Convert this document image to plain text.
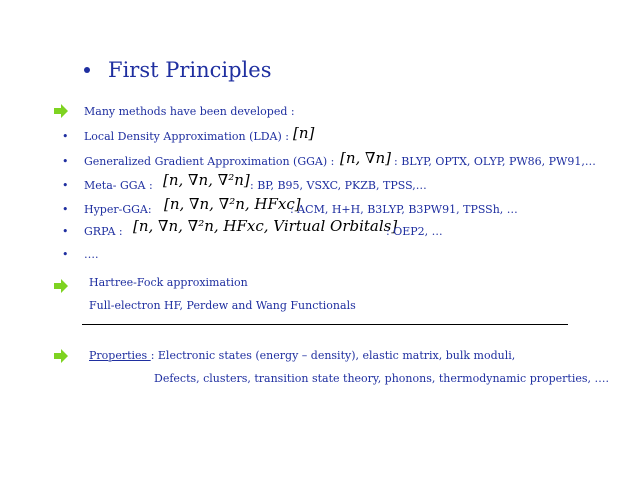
First Principles
Many methods have been developed :
• Local Density Approximation (LDA) : [n]
• Generalized Gradient Approximation (GGA) : [n, ∇n] : BLYP, OPTX, OLYP, PW86, PW91,…
• Meta- GGA : [n, ∇n, ∇²n] : BP, B95, VSXC, PKZB, TPSS,…
• Hyper-GGA: [n, ∇n, ∇²n, HFxc]
: ACM, H+H, B3LYP, B3PW91, TPSSh, …
• GRPA : [n, ∇n, ∇²n, HFxc, Virtual Orbitals]
: OEP2, …
• ….
Hartree-Fock approximation
Full-electron HF, Perdew and Wang Functionals
Properties : Electronic states (energy – density), elastic matrix, bulk moduli,
Defects, clusters, transition state theory, phonons, thermodynamic properties, ….
